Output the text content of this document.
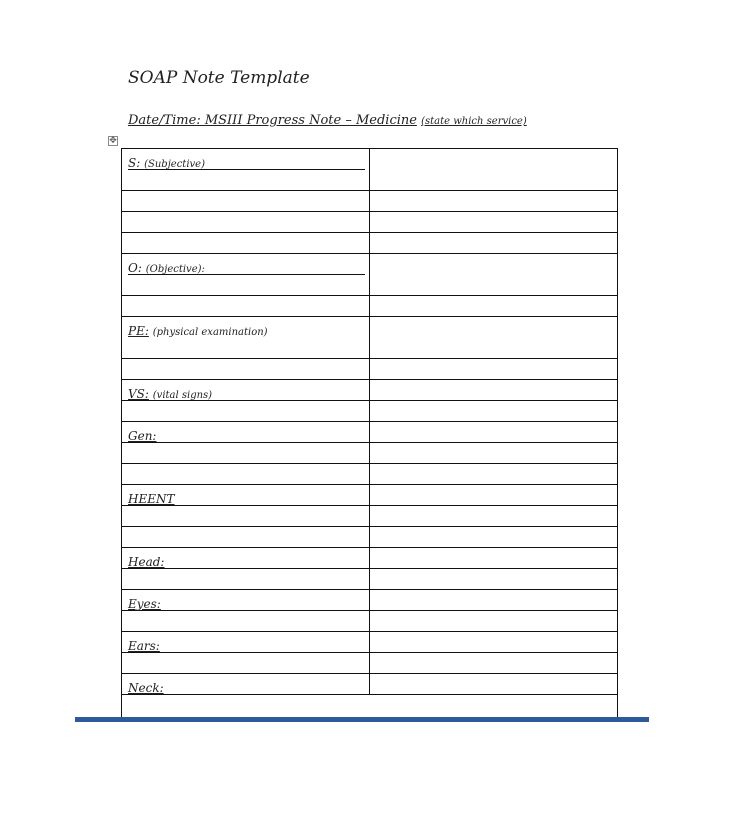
SOAP Note Template
Date/Time: MSIII Progress Note – Medicine (state which service)
✥
S: (Subjective)
O: (Objective):
PE: (physical examination)
VS: (vital signs)
Gen:
HEENT
Head:
Eyes:
Ears:
Neck:
